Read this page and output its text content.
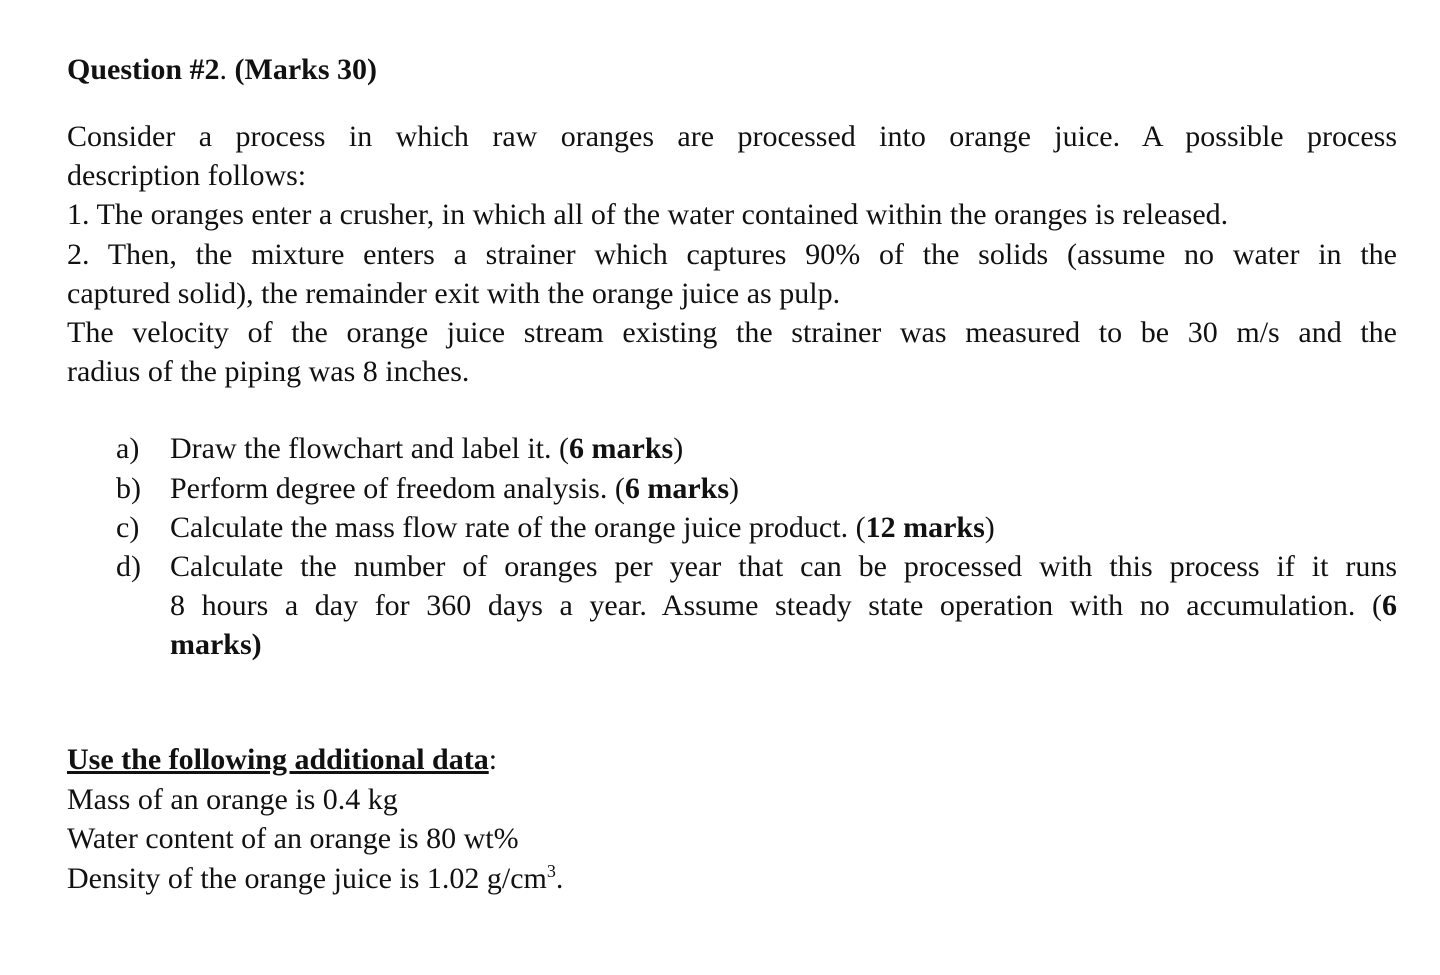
Question #2. (Marks 30)

Consider a process in which raw oranges are processed into orange juice. A possible process

description follows:

1. The oranges enter a crusher, in which all of the water contained within the oranges is released.

2. Then, the mixture enters a strainer which captures 90% of the solids (assume no water in the

captured solid), the remainder exit with the orange juice as pulp.

The velocity of the orange juice stream existing the strainer was measured to be 30 m/s and the

radius of the piping was 8 inches.

a)	Draw the flowchart and label it. (6 marks)
b) Perform degree of freedom analysis. (6 marks)
c)	Calculate the mass flow rate of the orange juice product. (12 marks)
d) Calculate the number of oranges per year that can be processed with this process if it runs
8 hours a day for 360 days a year. Assume steady state operation with no accumulation. (6
marks)
Use the following additional data:
Mass of an orange is 0.4 kg
Water content of an orange is 80 wt%
Density of the orange juice is 1.02 $g/cm^3$.
